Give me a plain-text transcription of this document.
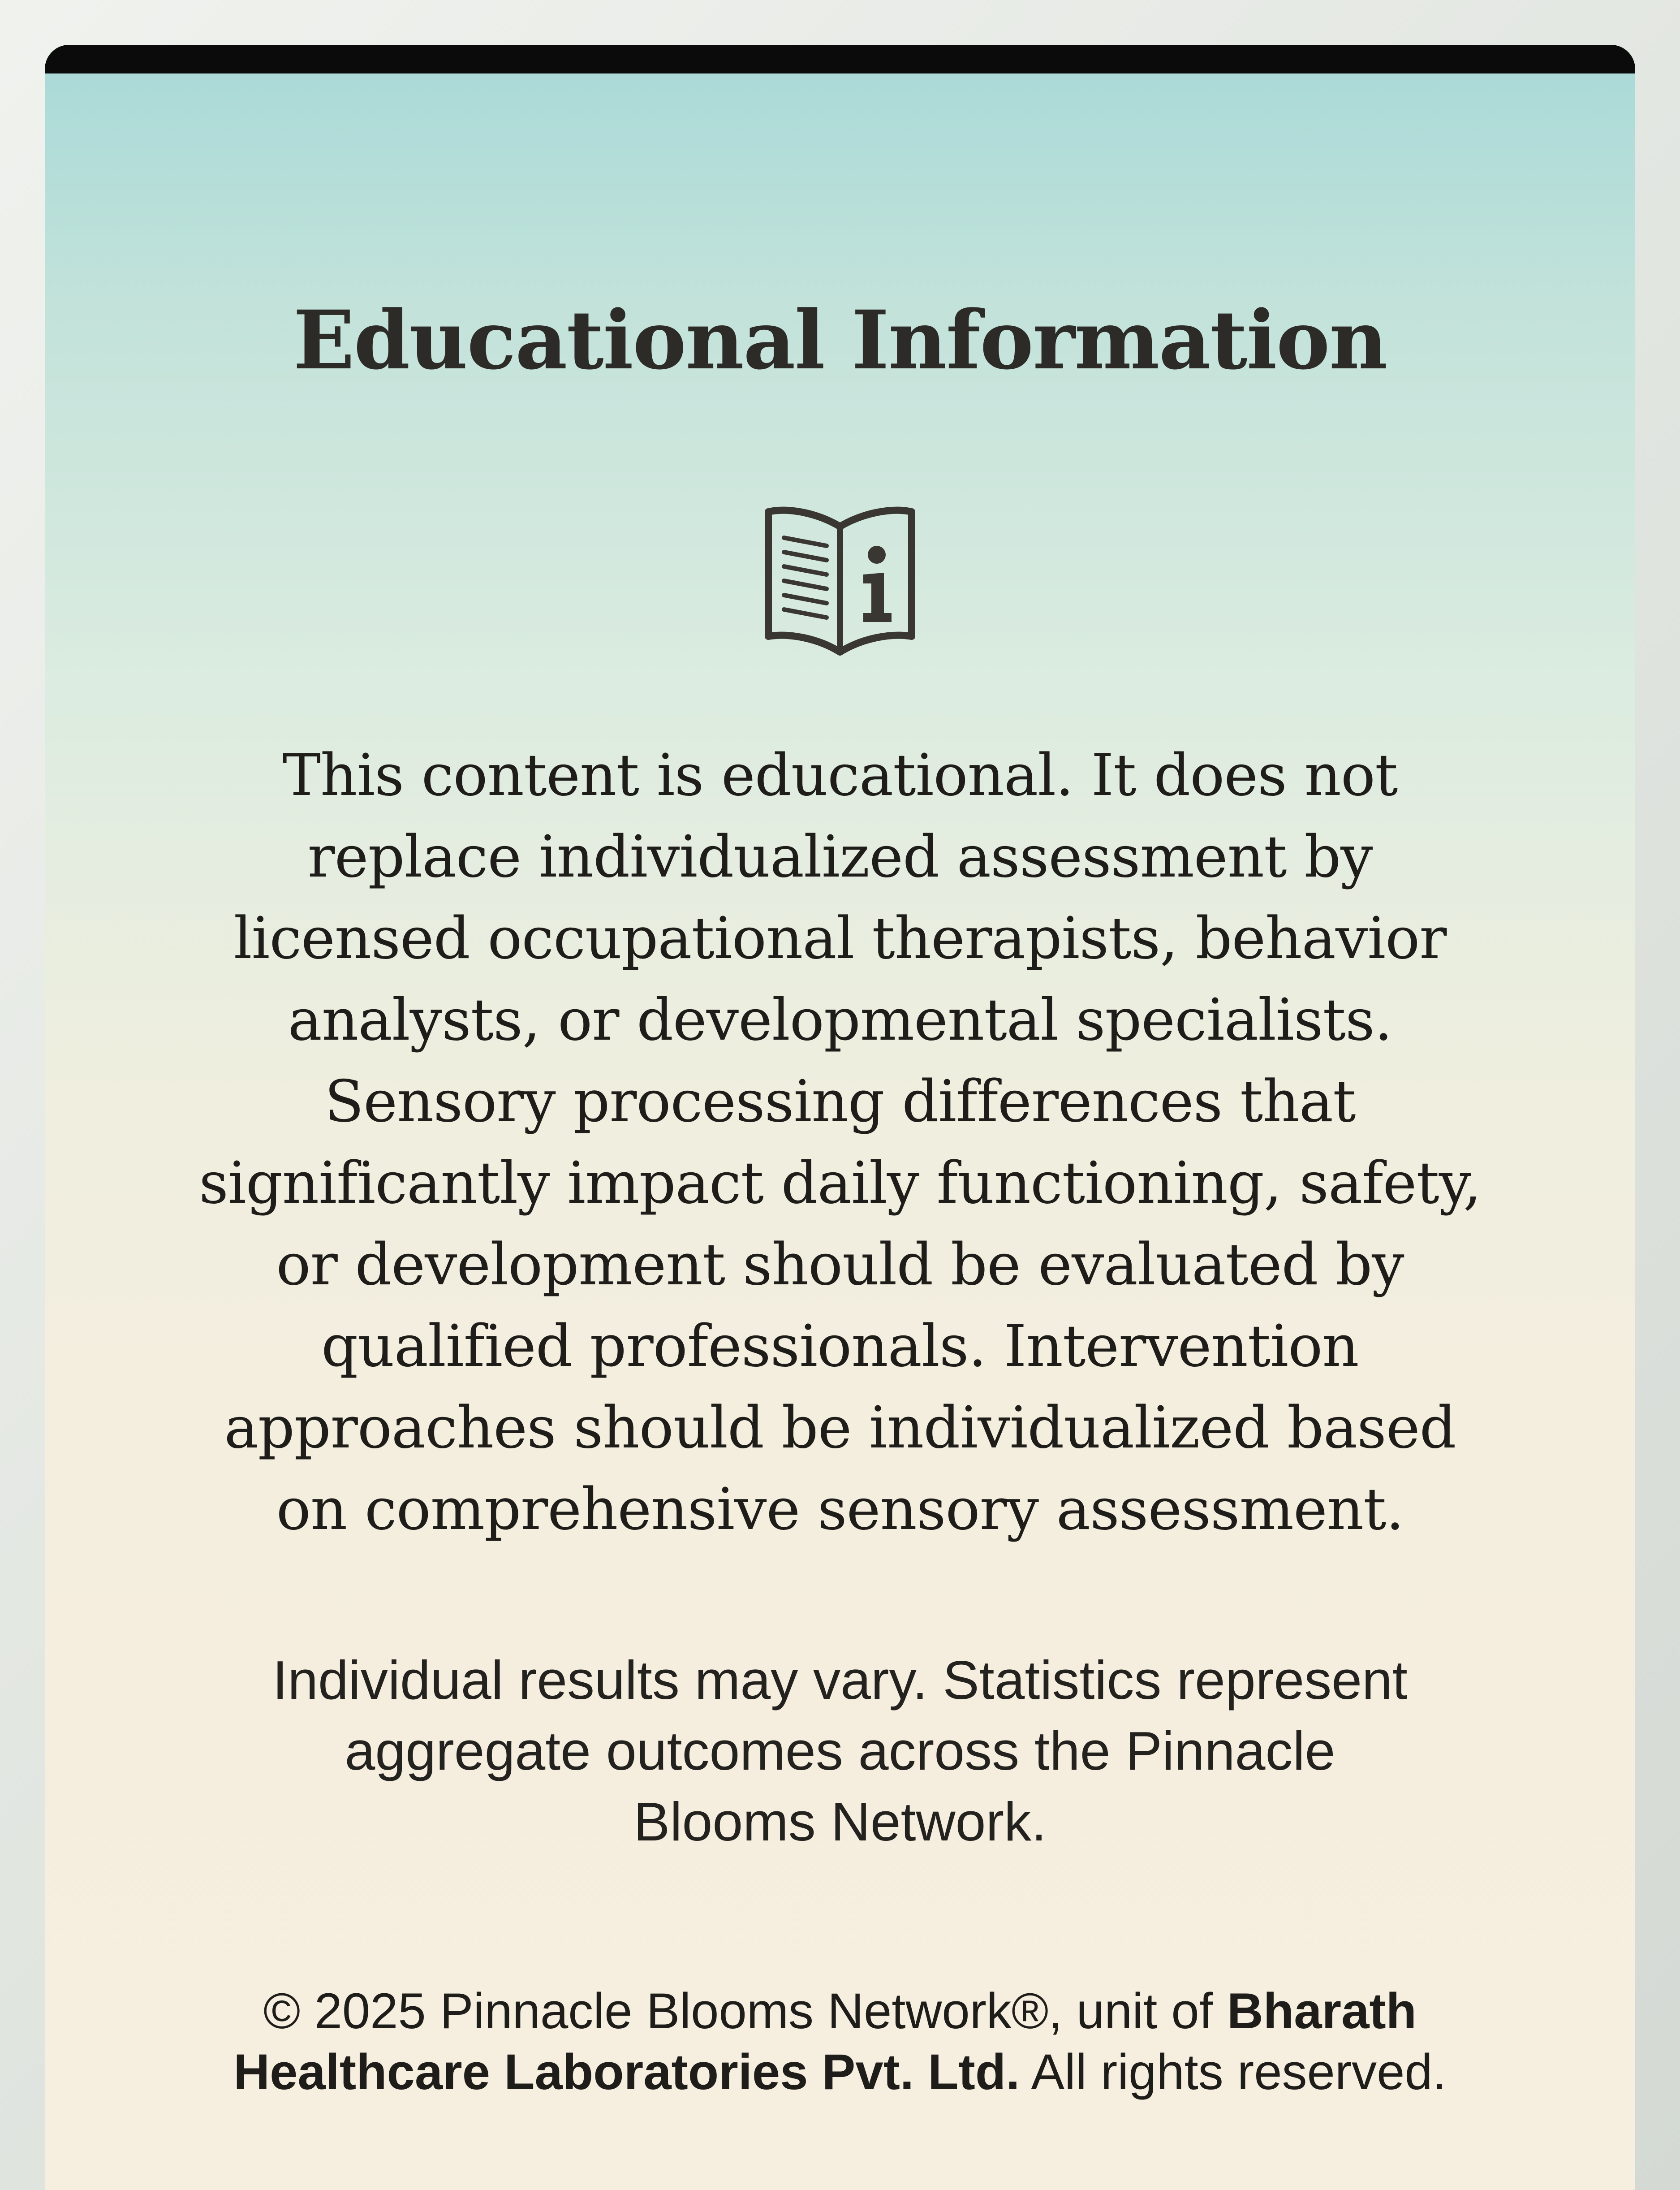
Educational Information
This content is educational. It does not replace individualized assessment by licensed occupational therapists, behavior analysts, or developmental specialists. Sensory processing differences that significantly impact daily functioning, safety, or development should be evaluated by qualified professionals. Intervention approaches should be individualized based on comprehensive sensory assessment.
Individual results may vary. Statistics represent aggregate outcomes across the Pinnacle Blooms Network.
© 2025 Pinnacle Blooms Network®, unit of Bharath Healthcare Laboratories Pvt. Ltd. All rights reserved.
